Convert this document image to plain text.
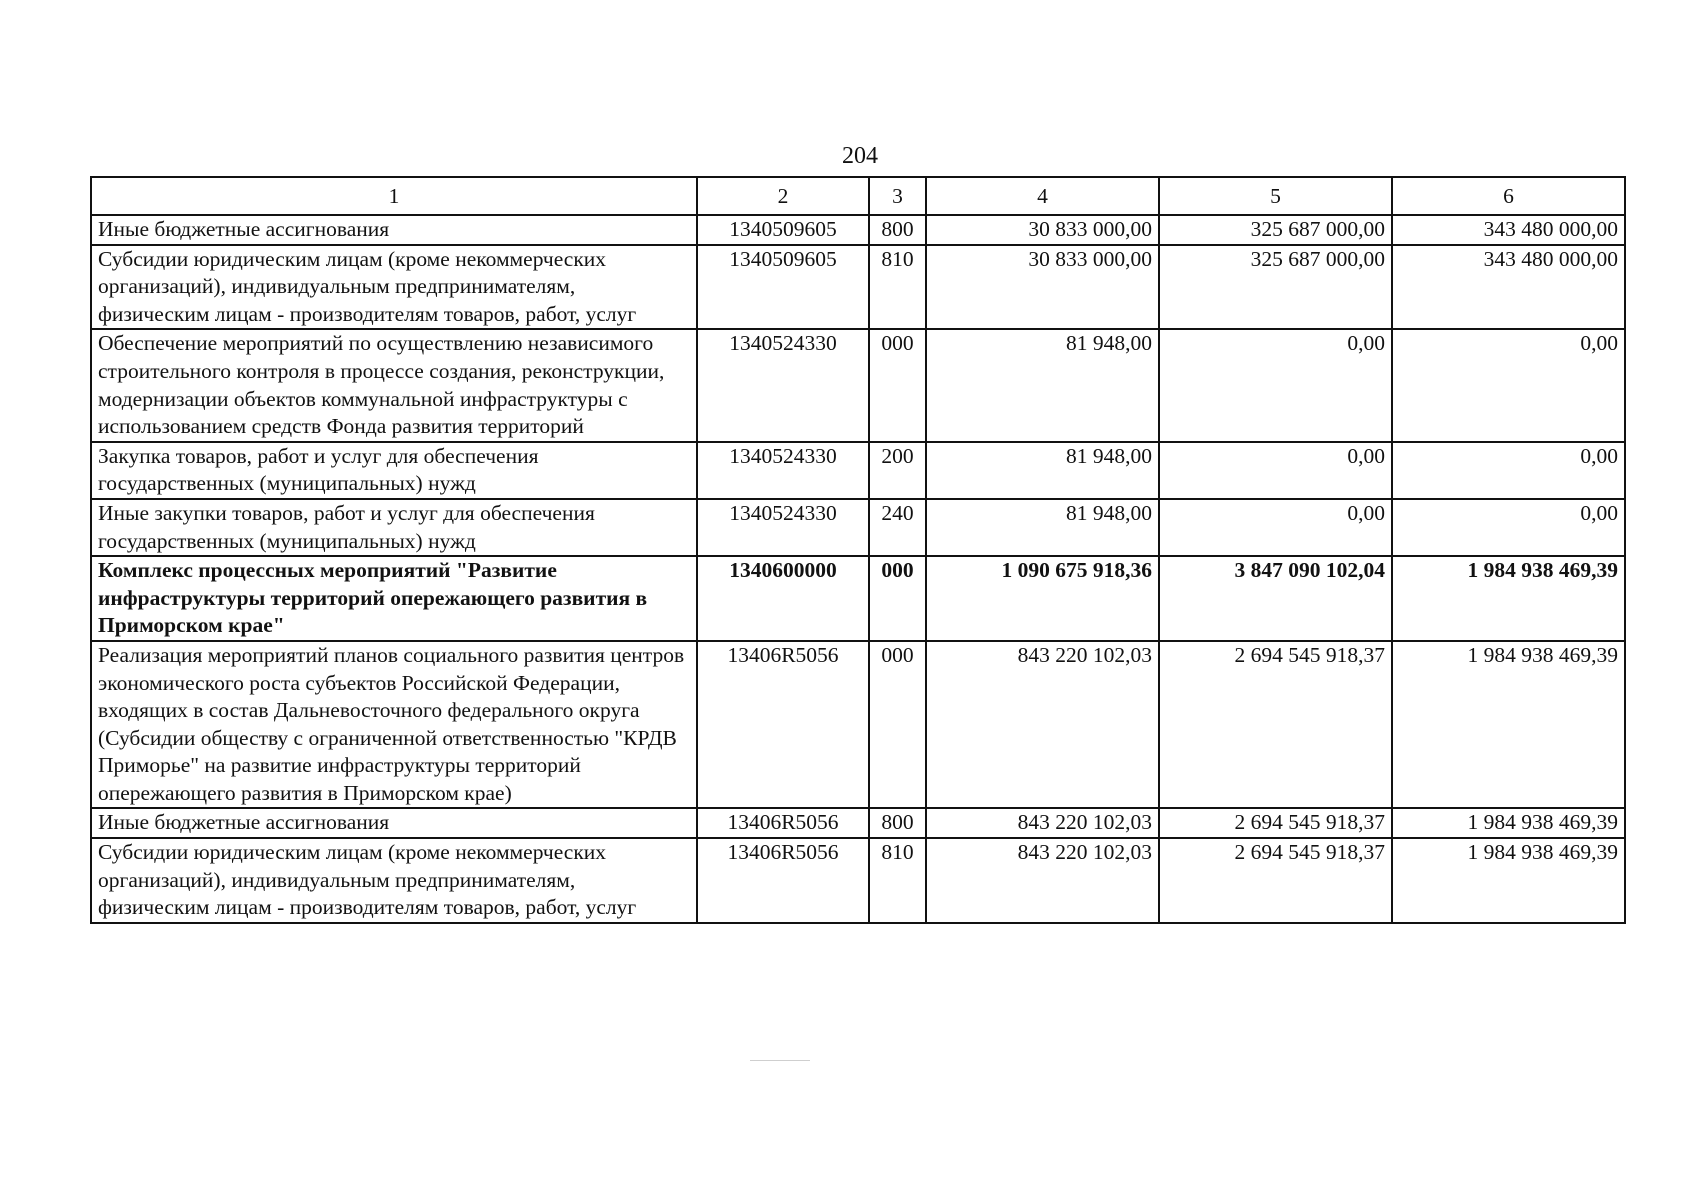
204
1	2	3	4	5	6
Иные бюджетные ассигнования	1340509605	800	30 833 000,00	325 687 000,00	343 480 000,00
Субсидии юридическим лицам (кроме некоммерческих организаций), индивидуальным предпринимателям, физическим лицам - производителям товаров, работ, услуг	1340509605	810	30 833 000,00	325 687 000,00	343 480 000,00
Обеспечение мероприятий по осуществлению независимого строительного контроля в процессе создания, реконструкции, модернизации объектов коммунальной инфраструктуры с использованием средств Фонда развития территорий	1340524330	000	81 948,00	0,00	0,00
Закупка товаров, работ и услуг для обеспечения государственных (муниципальных) нужд	1340524330	200	81 948,00	0,00	0,00
Иные закупки товаров, работ и услуг для обеспечения государственных (муниципальных) нужд	1340524330	240	81 948,00	0,00	0,00
Комплекс процессных мероприятий "Развитие инфраструктуры территорий опережающего развития в Приморском крае"	1340600000	000	1 090 675 918,36	3 847 090 102,04	1 984 938 469,39
Реализация мероприятий планов социального развития центров экономического роста субъектов Российской Федерации, входящих в состав Дальневосточного федерального округа (Субсидии обществу с ограниченной ответственностью "КРДВ Приморье" на развитие инфраструктуры территорий опережающего развития в Приморском крае)	13406R5056	000	843 220 102,03	2 694 545 918,37	1 984 938 469,39
Иные бюджетные ассигнования	13406R5056	800	843 220 102,03	2 694 545 918,37	1 984 938 469,39
Субсидии юридическим лицам (кроме некоммерческих организаций), индивидуальным предпринимателям, физическим лицам - производителям товаров, работ, услуг	13406R5056	810	843 220 102,03	2 694 545 918,37	1 984 938 469,39
